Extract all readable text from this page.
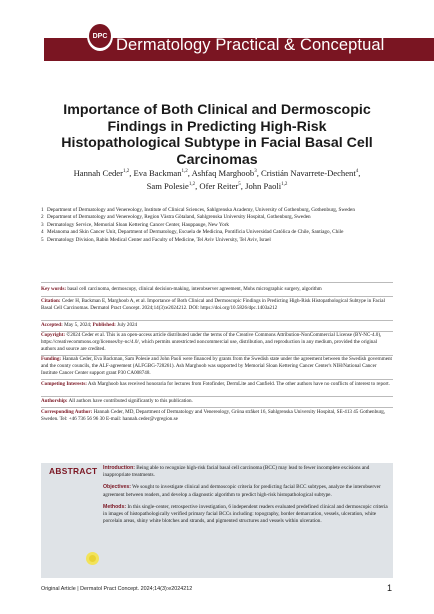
DPC Dermatology Practical & Conceptual
Importance of Both Clinical and Dermoscopic Findings in Predicting High-Risk Histopathological Subtype in Facial Basal Cell Carcinomas
Hannah Ceder$^{1,2}$, Eva Backman$^{1,2}$, Ashfaq Marghoob$^3$, Cristián Navarrete-Dechent$^4$,
Sam Polesie$^{1,2}$, Ofer Reiter$^5$, John Paoli$^{1,2}$
1 Department of Dermatology and Venereology, Institute of Clinical Sciences, Sahlgrenska Academy, University of Gothenburg, Gothenburg, Sweden
2 Department of Dermatology and Venereology, Region Västra Götaland, Sahlgrenska University Hospital, Gothenburg, Sweden
3 Dermatology Service, Memorial Sloan Kettering Cancer Center, Hauppauge, New York
4 Melanoma and Skin Cancer Unit, Department of Dermatology, Escuela de Medicina, Pontificia Universidad Católica de Chile, Santiago, Chile
5 Dermatology Division, Rabin Medical Center and Faculty of Medicine, Tel Aviv University, Tel Aviv, Israel
Key words: basal cell carcinoma, dermoscopy, clinical decision-making, interobserver agreement, Mohs micrographic surgery, algorithm
Citation: Ceder H, Backman E, Marghoob A, et al. Importance of Both Clinical and Dermoscopic Findings in Predicting High-Risk Histopathological Subtype in Facial Basal Cell Carcinomas. Dermatol Pract Concept. 2024;14(3):e2024212. DOI: https://doi.org/10.5826/dpc.1403a212
Accepted: May 5, 2024; Published: July 2024
Copyright: ©2024 Ceder et al. This is an open-access article distributed under the terms of the Creative Commons Attribution-NonCommercial License (BY-NC-4.0), https://creativecommons.org/licenses/by-nc/4.0/, which permits unrestricted noncommercial use, distribution, and reproduction in any medium, provided the original authors and source are credited.
Funding: Hannah Ceder, Eva Backman, Sam Polesie and John Paoli were financed by grants from the Swedish state under the agreement between the Swedish government and the county councils, the ALF-agreement (ALFGBG-728261). Ash Marghoob was supported by Memorial Sloan Kettering Cancer Center's NIH/National Cancer Institute Cancer Center support grant P30 CA008748.
Competing Interests: Ash Marghoob has received honoraria for lectures from Fotofinder, DermLite and Canfield. The other authors have no conflicts of interest to report.
Authorship: All authors have contributed significantly to this publication.
Corresponding Author: Hannah Ceder, MD, Department of Dermatology and Venereology, Gröna stråket 16, Sahlgrenska University Hospital, SE-413 45 Gothenburg, Sweden. Tel: +46 736 56 96 30 E-mail: hannah.ceder@vgregion.se
ABSTRACT Introduction: Being able to recognize high-risk facial basal cell carcinoma (BCC) may lead to fewer incomplete excisions and inappropriate treatments.

Objectives: We sought to investigate clinical and dermoscopic criteria for predicting facial BCC subtypes, analyze the interobserver agreement between readers, and develop a diagnostic algorithm to predict high-risk histopathological subtype.

Methods: In this single-center, retrospective investigation, 6 independent readers evaluated predefined clinical and dermoscopic criteria in images of histopathologically verified primary facial BCCs including: topography, border demarcation, vessels, ulceration, white porcelain areas, shiny white blotches and strands, and pigmented structures and vessels within ulceration.

Original Article | Dermatol Pract Concept. 2024;14(3):e2024212	1
